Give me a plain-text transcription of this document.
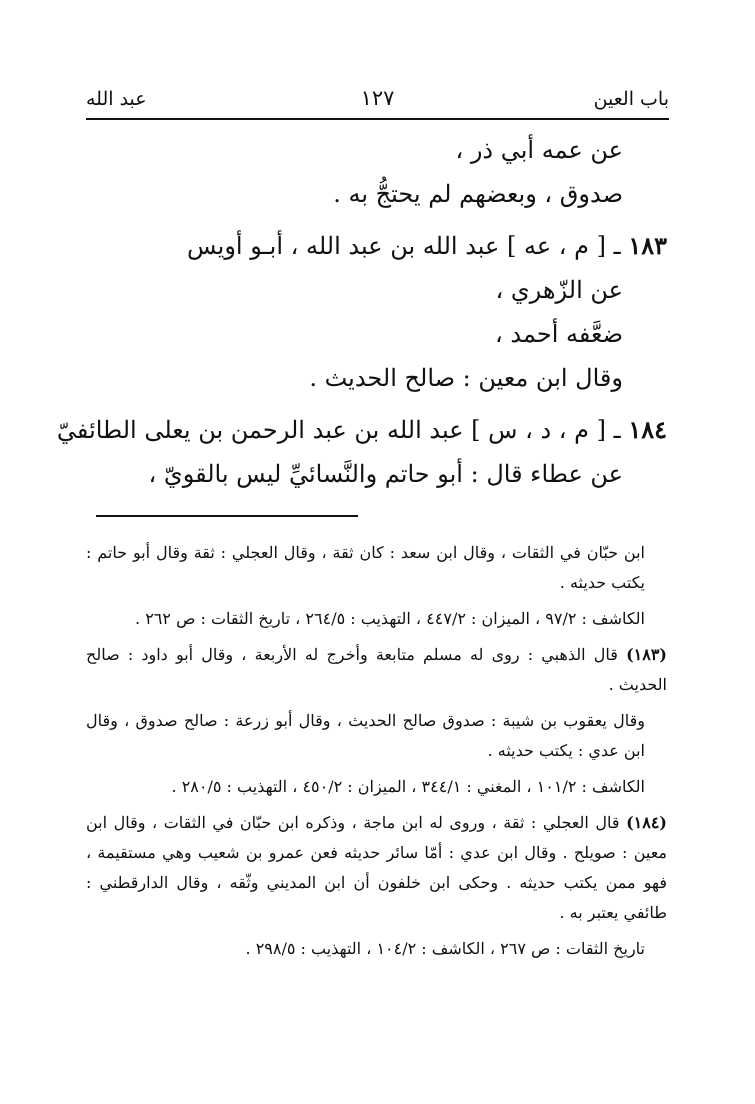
باب العين
١٢٧
عبد الله
عن عمه أبي ذر ،
صدوق ، وبعضهم لم يحتجُّ به .
١٨٣ ـ [ م ، عه ] عبد الله بن عبد الله ، أبـو أويس
عن الزّهري ،
ضعَّفه أحمد ،
وقال ابن معين : صالح الحديث .
١٨٤ ـ [ م ، د ، س ] عبد الله بن عبد الرحمن بن يعلى الطائفيّ
عن عطاء قال : أبو حاتم والنَّسائيِّ ليس بالقويّ ،

ابن حبّان في الثقات ، وقال ابن سعد : كان ثقة ، وقال العجلي : ثقة وقال أبو حاتم : يكتب حديثه .

الكاشف : ٩٧/٢ ، الميزان : ٤٤٧/٢ ، التهذيب : ٢٦٤/٥ ، تاريخ الثقات : ص ٢٦٢ .

(١٨٣) قال الذهبي : روى له مسلم متابعة وأخرج له الأربعة ، وقال أبو داود : صالح الحديث .

وقال يعقوب بن شيبة : صدوق صالح الحديث ، وقال أبو زرعة : صالح صدوق ، وقال ابن عدي : يكتب حديثه .

الكاشف : ١٠١/٢ ، المغني : ٣٤٤/١ ، الميزان : ٤٥٠/٢ ، التهذيب : ٢٨٠/٥ .

(١٨٤) قال العجلي : ثقة ، وروى له ابن ماجة ، وذكره ابن حبّان في الثقات ، وقال ابن معين : صويلح . وقال ابن عدي : أمّا سائر حديثه فعن عمرو بن شعيب وهي مستقيمة ، فهو ممن يكتب حديثه . وحكى ابن خلفون أن ابن المديني وثّقه ، وقال الدارقطني : طائفي يعتبر به .

تاريخ الثقات : ص ٢٦٧ ، الكاشف : ١٠٤/٢ ، التهذيب : ٢٩٨/٥ .
